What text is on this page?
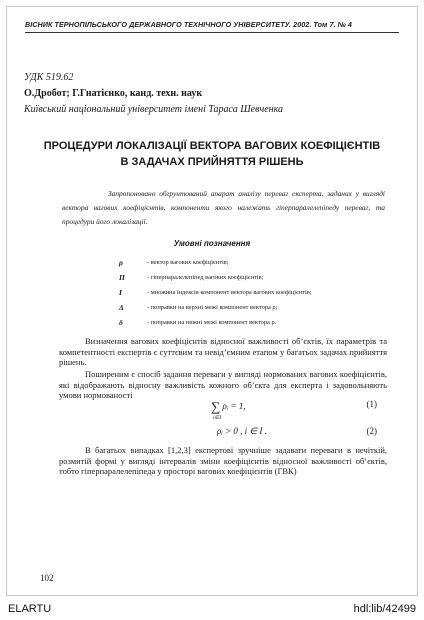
ВІСНИК ТЕРНОПІЛЬСЬКОГО ДЕРЖАВНОГО ТЕХНІЧНОГО УНІВЕРСИТЕТУ. 2002. Том 7. № 4
УДК 519.62
О.Дробот; Г.Гнатієнко, канд. техн. наук
Київський національний університет імені Тараса Шевченка
ПРОЦЕДУРИ ЛОКАЛІЗАЦІЇ ВЕКТОРА ВАГОВИХ КОЕФІЦІЄНТІВ
В ЗАДАЧАХ ПРИЙНЯТТЯ РІШЕНЬ
Запропоновано обгрунтований апарат аналізу переваг експерта, заданих у вигляді вектора вагових коефіцієнтів, компоненти якого належать гіперпаралелепіпеду переваг, та процедури його локалізації.
Умовні позначення
ρ	- вектор вагових коефіцієнтів;
Π	- гіперпаралелепіпед вагових коефіцієнтів;
I	- множина індексів компонент вектора вагових коефіцієнтів;
Δ	- поправки на верхні межі компонент вектора ρ;
δ	- поправки на нижні межі компонент вектора ρ.
Визначення вагових коефіцієнтів відносної важливості об’єктів, їх параметрів та компетентності експертів є суттєвим та невід’ємним етапом у багатьох задачах прийняття рішень.
Поширеним є спосіб задання переваги у вигляді нормованих вагових коефіцієнтів, які відображають відносну важливість кожного об’єкта для експерта і задовольняють умови нормованості
∑
i∈I
ρᵢ = 1,	(1)
ρᵢ > 0 , i ∈ I .	(2)
В багатьох випадках [1,2,3] експертові зручніше задавати переваги в нечіткій, розмитій формі у вигляді інтервалів зміни коефіцієнтів відносної важливості об’єктів, тобто гіперпаралелепіпеда у просторі вагових коефіцієнтів (ГВК)
102
ELARTU	hdl:lib/42499
